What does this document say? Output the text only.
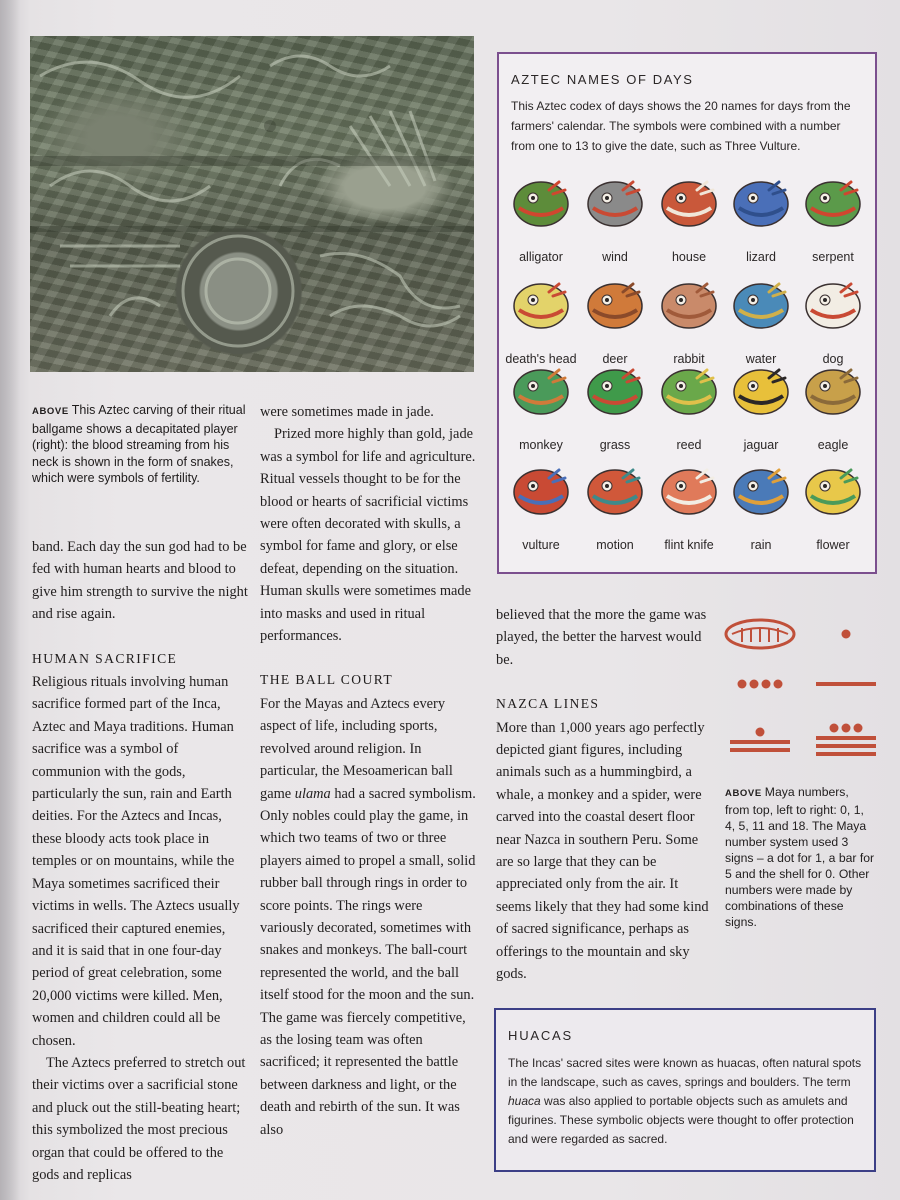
ABOVE This Aztec carving of their ritual ballgame shows a decapitated player (right): the blood streaming from his neck is shown in the form of snakes, which were symbols of fertility.

band. Each day the sun god had to be fed with human hearts and blood to give him strength to survive the night and rise again.

HUMAN SACRIFICE

Religious rituals involving human sacrifice formed part of the Inca, Aztec and Maya traditions. Human sacrifice was a symbol of communion with the gods, particularly the sun, rain and Earth deities. For the Aztecs and Incas, these bloody acts took place in temples or on mountains, while the Maya sometimes sacrificed their victims in wells. The Aztecs usually sacrificed their captured enemies, and it is said that in one four-day period of great celebration, some 20,000 victims were killed. Men, women and children could all be chosen.

The Aztecs preferred to stretch out their victims over a sacrificial stone and pluck out the still-beating heart; this symbolized the most precious organ that could be offered to the gods and replicas

were sometimes made in jade.

Prized more highly than gold, jade was a symbol for life and agriculture. Ritual vessels thought to be for the blood or hearts of sacrificial victims were often decorated with skulls, a symbol for fame and glory, or else defeat, depending on the situation. Human skulls were sometimes made into masks and used in ritual performances.

THE BALL COURT

For the Mayas and Aztecs every aspect of life, including sports, revolved around religion. In particular, the Mesoamerican ball game ulama had a sacred symbolism. Only nobles could play the game, in which two teams of two or three players aimed to propel a small, solid rubber ball through rings in order to score points. The rings were variously decorated, sometimes with snakes and monkeys. The ball-court represented the world, and the ball itself stood for the moon and the sun. The game was fiercely competitive, as the losing team was often sacrificed; it represented the battle between darkness and light, or the death and rebirth of the sun. It was also

believed that the more the game was played, the better the harvest would be.

NAZCA LINES

More than 1,000 years ago perfectly depicted giant figures, including animals such as a hummingbird, a whale, a monkey and a spider, were carved into the coastal desert floor near Nazca in southern Peru. Some are so large that they can be appreciated only from the air. It seems likely that they had some kind of sacred significance, perhaps as offerings to the mountain and sky gods.

AZTEC NAMES OF DAYS
This Aztec codex of days shows the 20 names for days from the farmers' calendar. The symbols were combined with a number from one to 13 to give the date, such as Three Vulture.
alligator	wind	house	lizard	serpent
death's head	deer	rabbit	water	dog
monkey	grass	reed	jaguar	eagle
vulture	motion	flint knife	rain	flower
ABOVE Maya numbers, from top, left to right: 0, 1, 4, 5, 11 and 18. The Maya number system used 3 signs – a dot for 1, a bar for 5 and the shell for 0. Other numbers were made by combinations of these signs.
HUACAS
The Incas' sacred sites were known as huacas, often natural spots in the landscape, such as caves, springs and boulders. The term huaca was also applied to portable objects such as amulets and figurines. These symbolic objects were thought to offer protection and were regarded as sacred.
